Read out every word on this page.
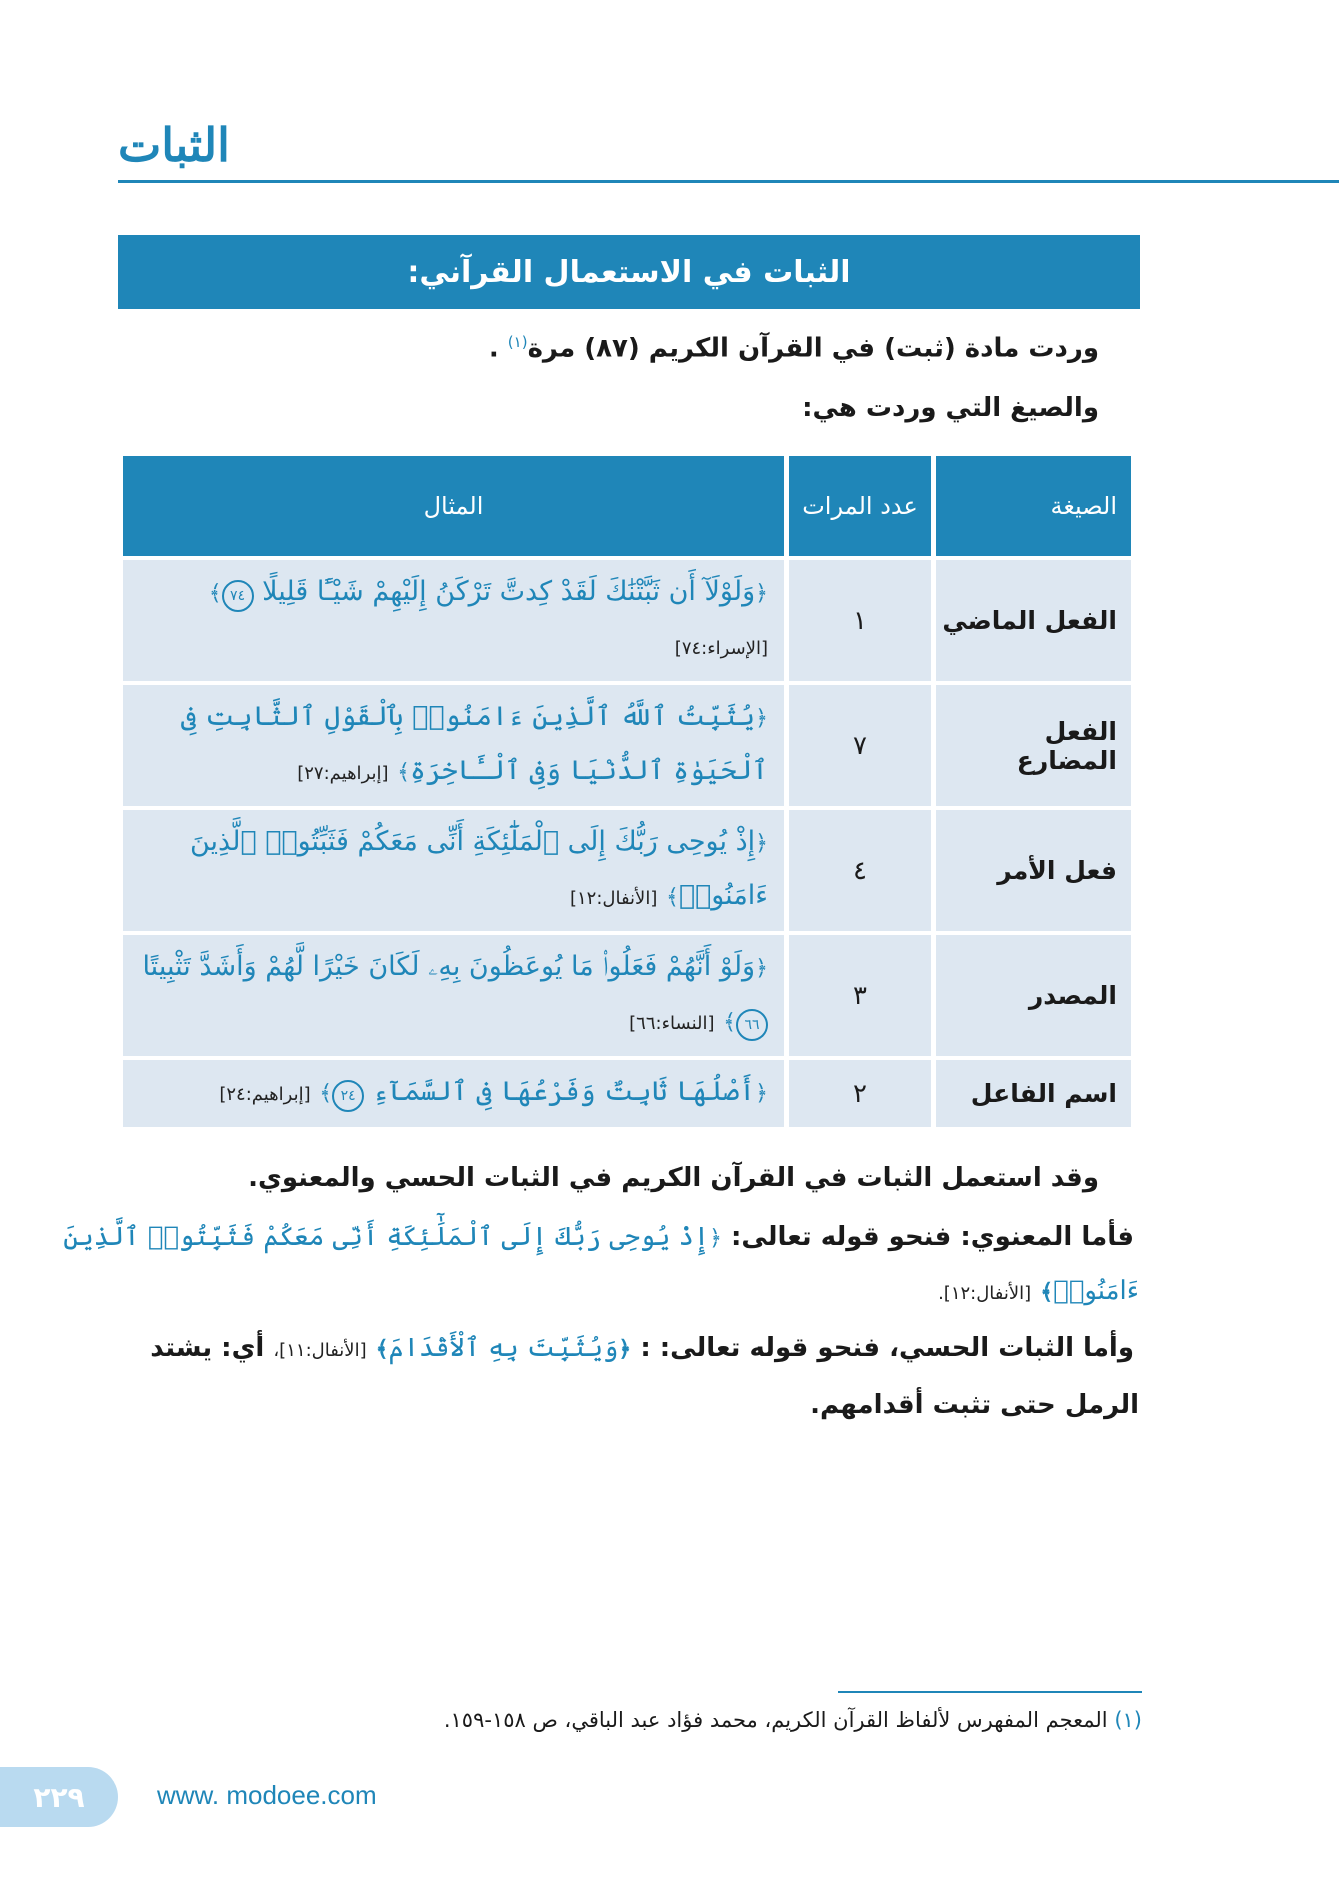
الثبات
الثبات في الاستعمال القرآني:
وردت مادة (ثبت) في القرآن الكريم (٨٧) مرة$^{(١)}$ .
والصيغ التي وردت هي:
الصيغة	عدد المرات	المثال
الفعل الماضي	١	﴿وَلَوْلَآ أَن ثَبَّتْنَٰكَ لَقَدْ كِدتَّ تَرْكَنُ إِلَيْهِمْ شَيْـًٔا قَلِيلًا ٧٤﴾ [الإسراء:٧٤]
الفعل المضارع	٧	﴿يُثَبِّتُ ٱللَّهُ ٱلَّذِينَ ءَامَنُوا۟ بِٱلْقَوْلِ ٱلثَّابِتِ فِى ٱلْحَيَوٰةِ ٱلدُّنْيَا وَفِى ٱلْـَٔاخِرَةِ﴾ [إبراهيم:٢٧]
فعل الأمر	٤	﴿إِذْ يُوحِى رَبُّكَ إِلَى ٱلْمَلَٰٓئِكَةِ أَنِّى مَعَكُمْ فَثَبِّتُوا۟ ٱلَّذِينَ ءَامَنُوا۟﴾ [الأنفال:١٢]
المصدر	٣	﴿وَلَوْ أَنَّهُمْ فَعَلُوا۟ مَا يُوعَظُونَ بِهِۦ لَكَانَ خَيْرًا لَّهُمْ وَأَشَدَّ تَثْبِيتًا ٦٦﴾ [النساء:٦٦]
اسم الفاعل	٢	﴿أَصْلُهَا ثَابِتٌ وَفَرْعُهَا فِى ٱلسَّمَآءِ ٢٤﴾ [إبراهيم:٢٤]
وقد استعمل الثبات في القرآن الكريم في الثبات الحسي والمعنوي.
فأما المعنوي: فنحو قوله تعالى: ﴿إِذْ يُوحِى رَبُّكَ إِلَى ٱلْمَلَٰٓئِكَةِ أَنِّى مَعَكُمْ فَثَبِّتُوا۟ ٱلَّذِينَ
ءَامَنُوا۟﴾ [الأنفال:١٢].
وأما الثبات الحسي، فنحو قوله تعالى: : ﴿وَيُثَبِّتَ بِهِ ٱلْأَقْدَامَ﴾ [الأنفال:١١]، أي: يشتد
الرمل حتى تثبت أقدامهم.
(١) المعجم المفهرس لألفاظ القرآن الكريم، محمد فؤاد عبد الباقي، ص ١٥٨-١٥٩.
٢٢٩	www. modoee.com
